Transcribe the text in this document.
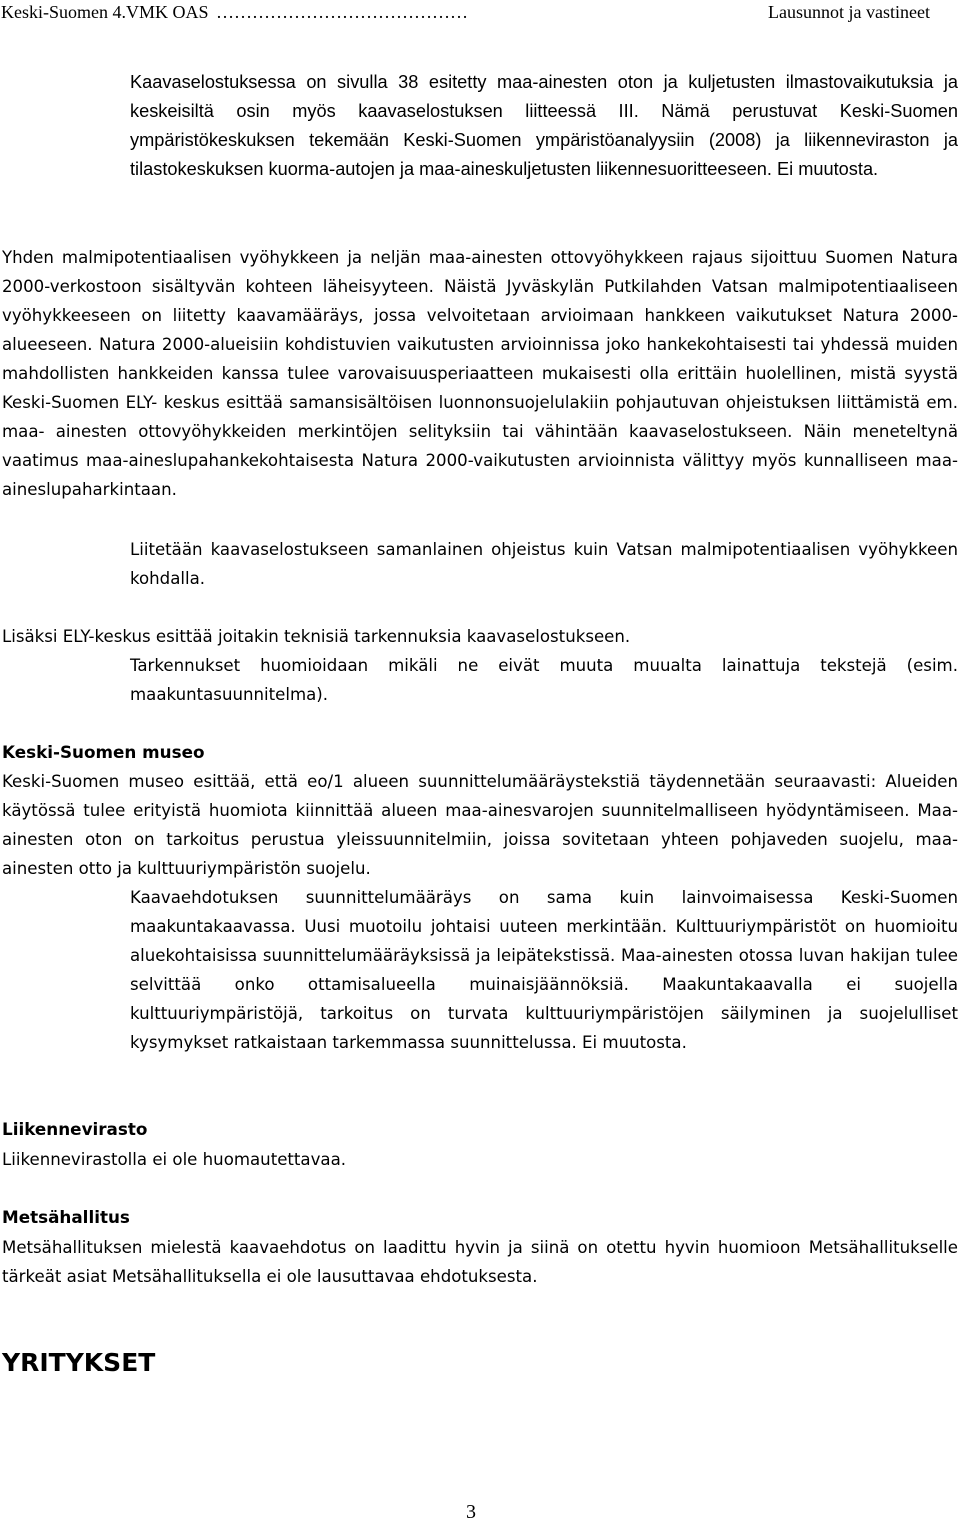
Keski-Suomen 4.VMK OAS ……………………………………	Lausunnot ja vastineet

Kaavaselostuksessa on sivulla 38 esitetty maa-ainesten oton ja kuljetusten ilmastovaikutuksia ja keskeisiltä osin myös kaavaselostuksen liitteessä III. Nämä perustuvat Keski-Suomen ympäristökeskuksen tekemään Keski-Suomen ympäristöanalyysiin (2008) ja liikenneviraston ja tilastokeskuksen kuorma-autojen ja maa-aineskuljetusten liikennesuoritteeseen. Ei muutosta.

Yhden malmipotentiaalisen vyöhykkeen ja neljän maa-ainesten ottovyöhykkeen rajaus sijoittuu Suomen Natura 2000-verkostoon sisältyvän kohteen läheisyyteen. Näistä Jyväskylän Putkilahden Vatsan malmipotentiaaliseen vyöhykkeeseen on liitetty kaavamääräys, jossa velvoitetaan arvioimaan hankkeen vaikutukset Natura 2000-alueeseen. Natura 2000-alueisiin kohdistuvien vaikutusten arvioinnissa joko hankekohtaisesti tai yhdessä muiden mahdollisten hankkeiden kanssa tulee varovaisuusperiaatteen mukaisesti olla erittäin huolellinen, mistä syystä Keski-Suomen ELY- keskus esittää samansisältöisen luonnonsuojelulakiin pohjautuvan ohjeistuksen liittämistä em. maa- ainesten ottovyöhykkeiden merkintöjen selityksiin tai vähintään kaavaselostukseen. Näin meneteltynä vaatimus maa-aineslupahankekohtaisesta Natura 2000-vaikutusten arvioinnista välittyy myös kunnalliseen maa-aineslupaharkintaan.

Liitetään kaavaselostukseen samanlainen ohjeistus kuin Vatsan malmipotentiaalisen vyöhykkeen kohdalla.

Lisäksi ELY-keskus esittää joitakin teknisiä tarkennuksia kaavaselostukseen.

Tarkennukset huomioidaan mikäli ne eivät muuta muualta lainattuja tekstejä (esim. maakuntasuunnitelma).

Keski-Suomen museo

Keski-Suomen museo esittää, että eo/1 alueen suunnittelumääräystekstiä täydennetään seuraavasti: Alueiden käytössä tulee erityistä huomiota kiinnittää alueen maa-ainesvarojen suunnitelmalliseen hyödyntämiseen. Maa-ainesten oton on tarkoitus perustua yleissuunnitelmiin, joissa sovitetaan yhteen pohjaveden suojelu, maa-ainesten otto ja kulttuuriympäristön suojelu.

Kaavaehdotuksen suunnittelumääräys on sama kuin lainvoimaisessa Keski-Suomen maakuntakaavassa. Uusi muotoilu johtaisi uuteen merkintään. Kulttuuriympäristöt on huomioitu aluekohtaisissa suunnittelumääräyksissä ja leipätekstissä. Maa-ainesten otossa luvan hakijan tulee selvittää onko ottamisalueella muinaisjäännöksiä. Maakuntakaavalla ei suojella kulttuuriympäristöjä, tarkoitus on turvata kulttuuriympäristöjen säilyminen ja suojelulliset kysymykset ratkaistaan tarkemmassa suunnittelussa. Ei muutosta.

Liikennevirasto

Liikennevirastolla ei ole huomautettavaa.

Metsähallitus

Metsähallituksen mielestä kaavaehdotus on laadittu hyvin ja siinä on otettu hyvin huomioon Metsähallitukselle tärkeät asiat Metsähallituksella ei ole lausuttavaa ehdotuksesta.

YRITYKSET
3
